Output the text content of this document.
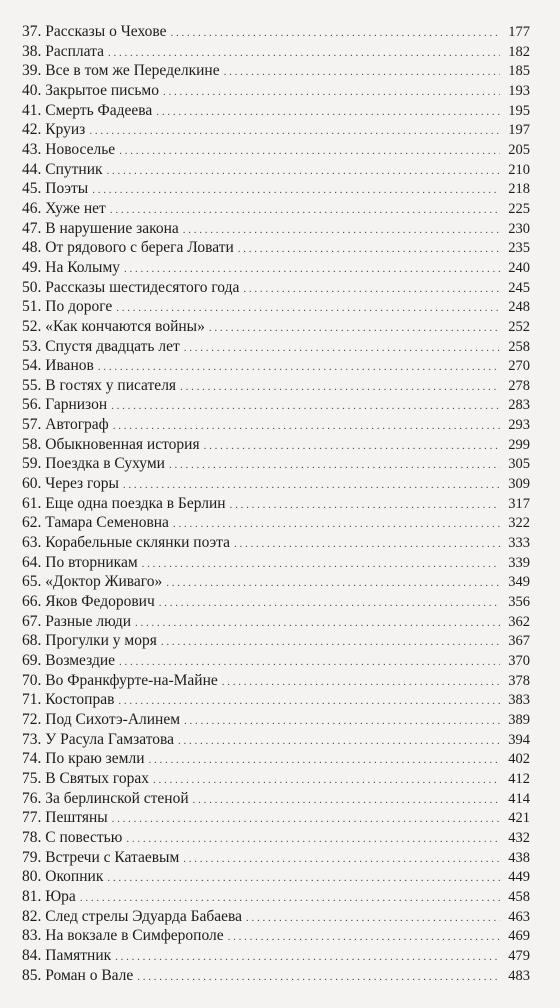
37. Рассказы о Чехове . . .	177
38. Расплата . . .	182
39. Все в том же Переделкине . . .	185
40. Закрытое письмо . . .	193
41. Смерть Фадеева . . .	195
42. Круиз . . .	197
43. Новоселье . . .	205
44. Спутник . . .	210
45. Поэты . . .	218
46. Хуже нет . . .	225
47. В нарушение закона . . .	230
48. От рядового с берега Ловати . . .	235
49. На Колыму . . .	240
50. Рассказы шестидесятого года . . .	245
51. По дороге . . .	248
52. «Как кончаются войны» . . .	252
53. Спустя двадцать лет . . .	258
54. Иванов . . .	270
55. В гостях у писателя . . .	278
56. Гарнизон . . .	283
57. Автограф . . .	293
58. Обыкновенная история . . .	299
59. Поездка в Сухуми . . .	305
60. Через горы . . .	309
61. Еще одна поездка в Берлин . . .	317
62. Тамара Семеновна . . .	322
63. Корабельные склянки поэта . . .	333
64. По вторникам . . .	339
65. «Доктор Живаго» . . .	349
66. Яков Федорович . . .	356
67. Разные люди . . .	362
68. Прогулки у моря . . .	367
69. Возмездие . . .	370
70. Во Франкфурте-на-Майне . . .	378
71. Костоправ . . .	383
72. Под Сихотэ-Алинем . . .	389
73. У Расула Гамзатова . . .	394
74. По краю земли . . .	402
75. В Святых горах . . .	412
76. За берлинской стеной . . .	414
77. Пештяны . . .	421
78. С повестью . . .	432
79. Встречи с Катаевым . . .	438
80. Окопник . . .	449
81. Юра . . .	458
82. След стрелы Эдуарда Бабаева . . .	463
83. На вокзале в Симферополе . . .	469
84. Памятник . . .	479
85. Роман о Вале . . .	483
